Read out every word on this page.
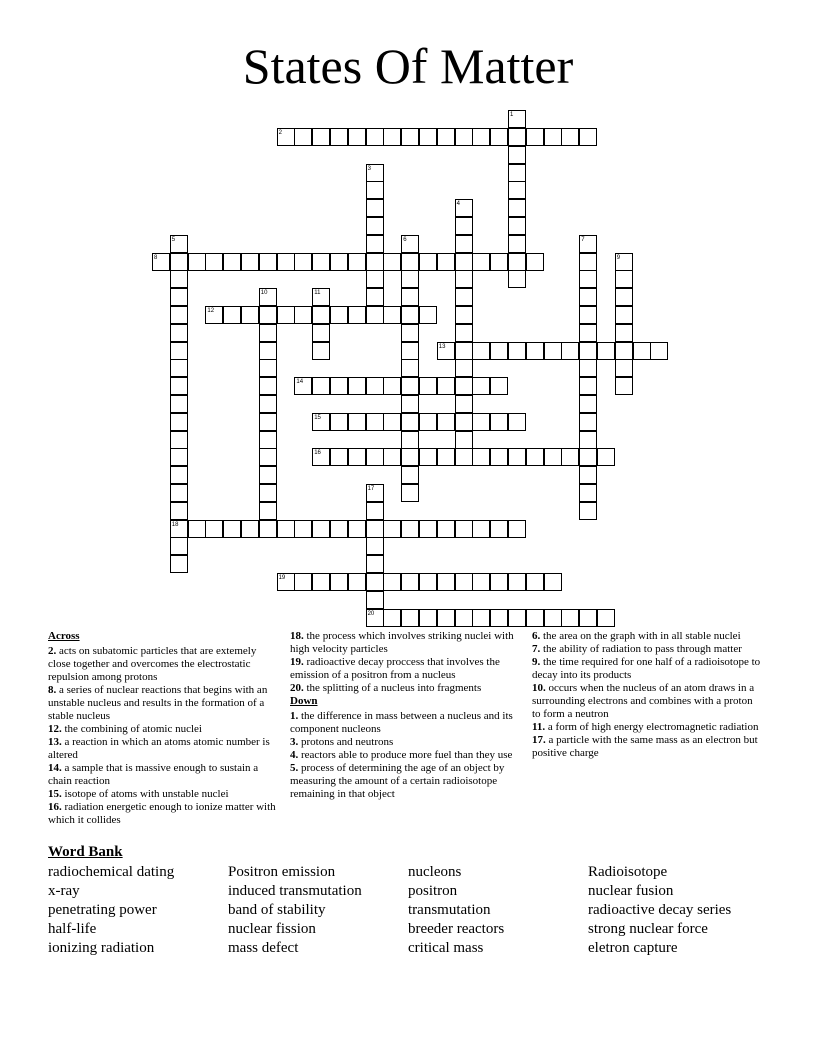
States Of Matter
2
8
12
13
14
15
16
18
19
20
1
3
4
5	6	7
9
10	11
17
Across

2. acts on subatomic particles that are extemely close together and overcomes the electrostatic repulsion among protons

8. a series of nuclear reactions that begins with an unstable nucleus and results in the formation of a stable nucleus

12. the combining of atomic nuclei

13. a reaction in which an atoms atomic number is altered

14. a sample that is massive enough to sustain a chain reaction

15. isotope of atoms with unstable nuclei

16. radiation energetic enough to ionize matter with which it collides

18. the process which involves striking nuclei with high velocity particles

19. radioactive decay proccess that involves the emission of a positron from a nucleus

20. the splitting of a nucleus into fragments

Down

1. the difference in mass between a nucleus and its component nucleons

3. protons and neutrons

4. reactors able to produce more fuel than they use

5. process of determining the age of an object by measuring the amount of a certain radioisotope remaining in that object

6. the area on the graph with in all stable nuclei

7. the ability of radiation to pass through matter

9. the time required for one half of a radioisotope to decay into its products

10. occurs when the nucleus of an atom draws in a surrounding electrons and combines with a proton to form a neutron

11. a form of high energy electromagnetic radiation

17. a particle with the same mass as an electron but positive charge

Word Bank
radiochemical dating
x-ray
penetrating power
half-life
ionizing radiation
Positron emission
induced transmutation
band of stability
nuclear fission
mass defect
nucleons
positron
transmutation
breeder reactors
critical mass
Radioisotope
nuclear fusion
radioactive decay series
strong nuclear force
eletron capture
